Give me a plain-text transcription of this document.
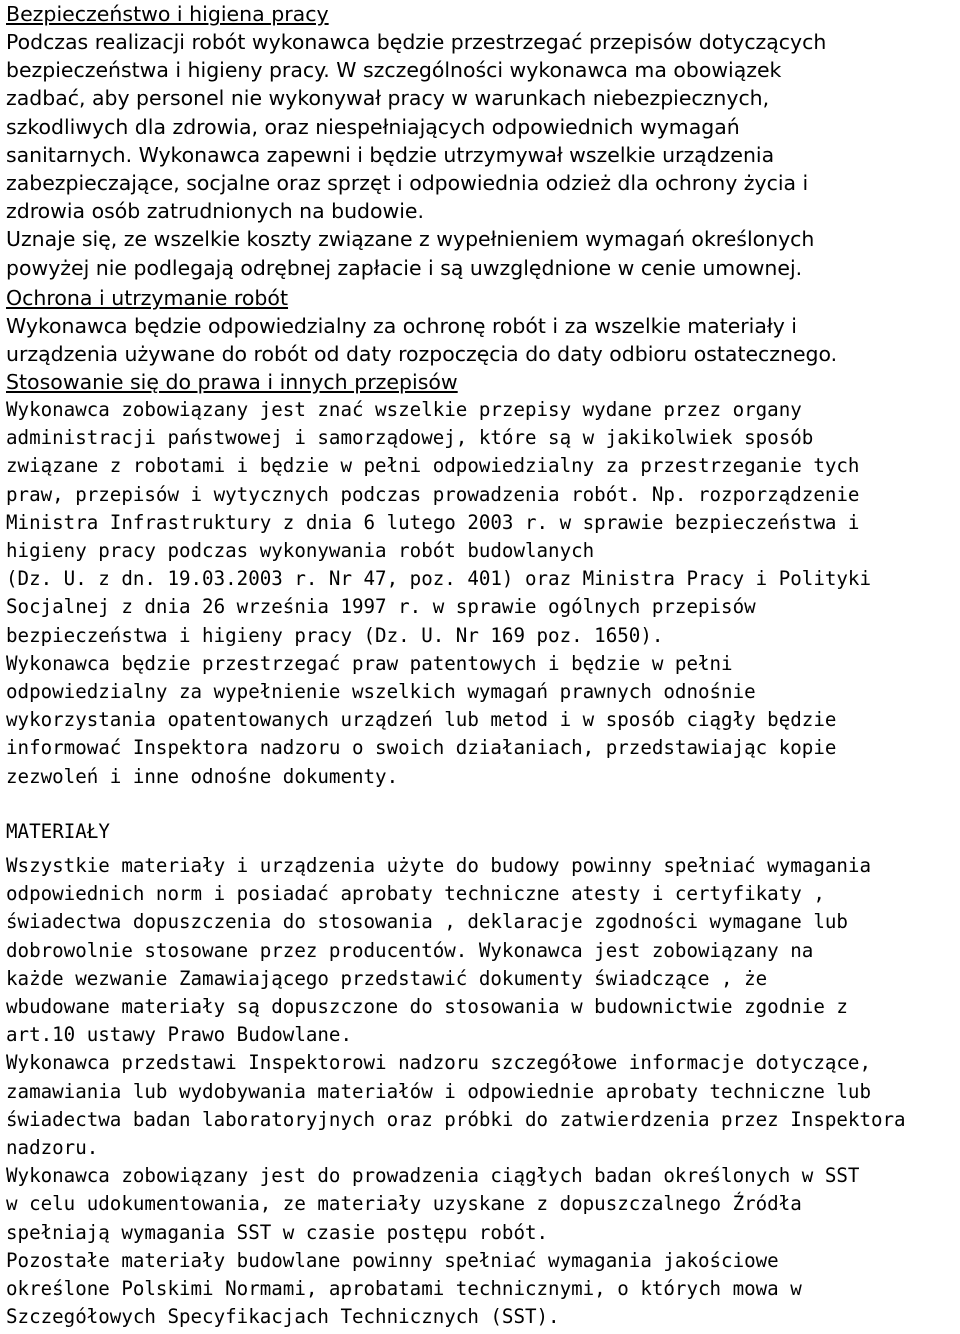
Bezpieczeństwo i higiena pracy
Podczas realizacji robót wykonawca będzie przestrzegać przepisów dotyczących
bezpieczeństwa i higieny pracy. W szczególności wykonawca ma obowiązek
zadbać, aby personel nie wykonywał pracy w warunkach niebezpiecznych,
szkodliwych dla zdrowia, oraz niespełniających odpowiednich wymagań
sanitarnych. Wykonawca zapewni i będzie utrzymywał wszelkie urządzenia
zabezpieczające, socjalne oraz sprzęt i odpowiednia odzież dla ochrony życia i
zdrowia osób zatrudnionych na budowie.
Uznaje się, ze wszelkie koszty związane z wypełnieniem wymagań określonych
powyżej nie podlegają odrębnej zapłacie i są uwzględnione w cenie umownej.
Ochrona i utrzymanie robót
Wykonawca będzie odpowiedzialny za ochronę robót i za wszelkie materiały i
urządzenia używane do robót od daty rozpoczęcia do daty odbioru ostatecznego.
Stosowanie się do prawa i innych przepisów
Wykonawca zobowiązany jest znać wszelkie przepisy wydane przez organy
administracji państwowej i samorządowej, które są w jakikolwiek sposób
związane z robotami i będzie w pełni odpowiedzialny za przestrzeganie tych
praw, przepisów i wytycznych podczas prowadzenia robót. Np. rozporządzenie
Ministra Infrastruktury z dnia 6 lutego 2003 r. w sprawie bezpieczeństwa i
higieny pracy podczas wykonywania robót budowlanych
(Dz. U. z dn. 19.03.2003 r. Nr 47, poz. 401) oraz Ministra Pracy i Polityki
Socjalnej z dnia 26 września 1997 r. w sprawie ogólnych przepisów
bezpieczeństwa i higieny pracy (Dz. U. Nr 169 poz. 1650).
Wykonawca będzie przestrzegać praw patentowych i będzie w pełni
odpowiedzialny za wypełnienie wszelkich wymagań prawnych odnośnie
wykorzystania opatentowanych urządzeń lub metod i w sposób ciągły będzie
informować Inspektora nadzoru o swoich działaniach, przedstawiając kopie
zezwoleń i inne odnośne dokumenty.
MATERIAŁY
Wszystkie materiały i urządzenia użyte do budowy powinny spełniać wymagania
odpowiednich norm i posiadać aprobaty techniczne atesty i certyfikaty ,
świadectwa dopuszczenia do stosowania , deklaracje zgodności wymagane lub
dobrowolnie stosowane przez producentów. Wykonawca jest zobowiązany na
każde wezwanie Zamawiającego przedstawić dokumenty świadczące , że
wbudowane materiały są dopuszczone do stosowania w budownictwie zgodnie z
art.10 ustawy Prawo Budowlane.
Wykonawca przedstawi Inspektorowi nadzoru szczegółowe informacje dotyczące,
zamawiania lub wydobywania materiałów i odpowiednie aprobaty techniczne lub
świadectwa badan laboratoryjnych oraz próbki do zatwierdzenia przez Inspektora
nadzoru.
Wykonawca zobowiązany jest do prowadzenia ciągłych badan określonych w SST
w celu udokumentowania, ze materiały uzyskane z dopuszczalnego Źródła
spełniają wymagania SST w czasie postępu robót.
Pozostałe materiały budowlane powinny spełniać wymagania jakościowe
określone Polskimi Normami, aprobatami technicznymi, o których mowa w
Szczegółowych Specyfikacjach Technicznych (SST).
